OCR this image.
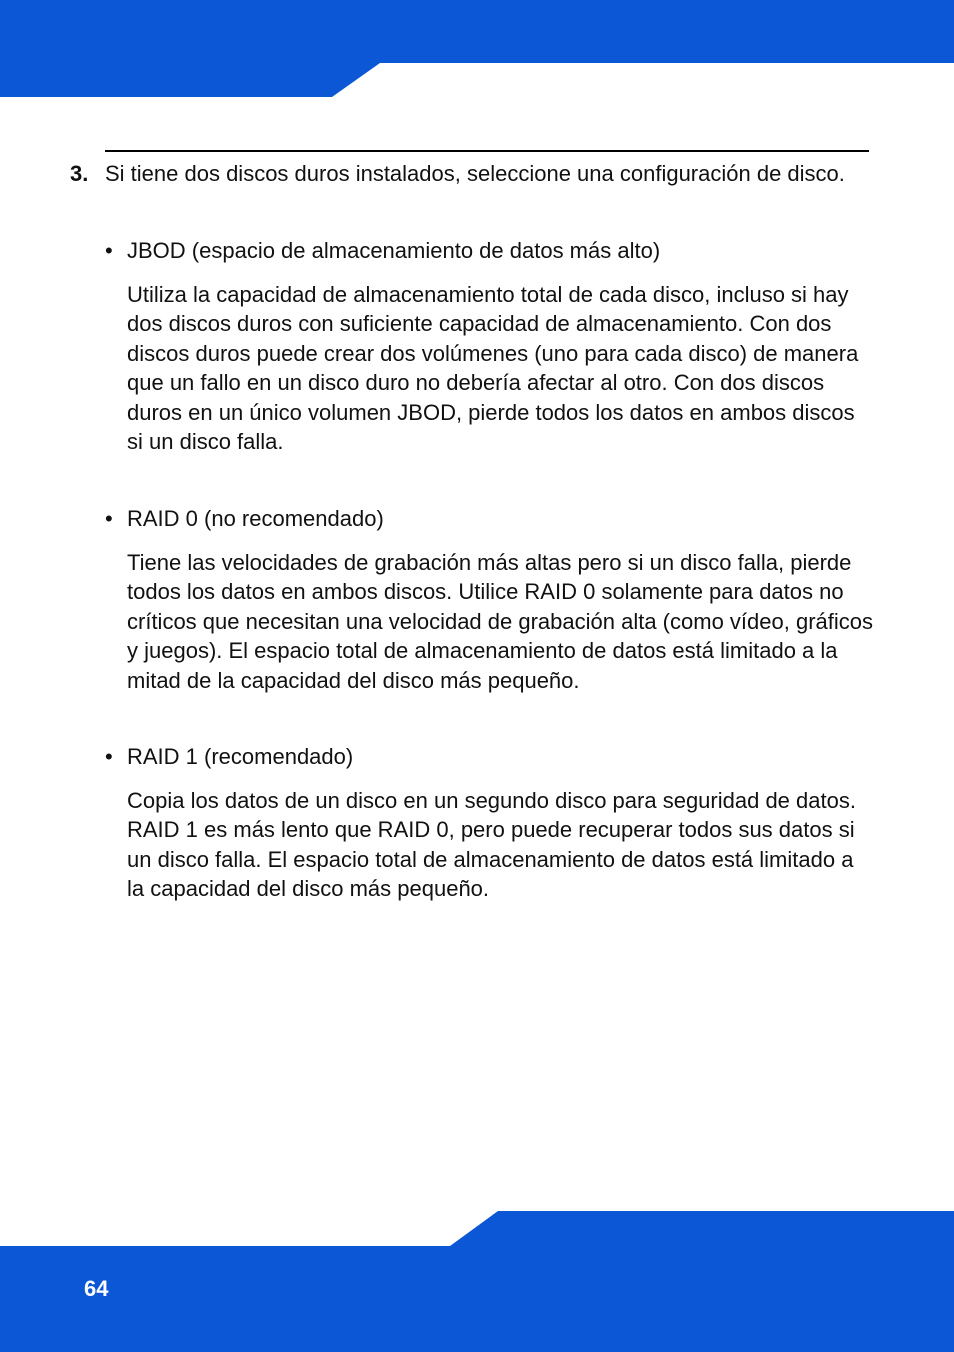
3. Si tiene dos discos duros instalados, seleccione una configuración de disco.
• JBOD (espacio de almacenamiento de datos más alto)
Utiliza la capacidad de almacenamiento total de cada disco, incluso si hay dos discos duros con suficiente capacidad de almacenamiento. Con dos discos duros puede crear dos volúmenes (uno para cada disco) de manera que un fallo en un disco duro no debería afectar al otro. Con dos discos duros en un único volumen JBOD, pierde todos los datos en ambos discos si un disco falla.
• RAID 0 (no recomendado)
Tiene las velocidades de grabación más altas pero si un disco falla, pierde todos los datos en ambos discos. Utilice RAID 0 solamente para datos no críticos que necesitan una velocidad de grabación alta (como vídeo, gráficos y juegos). El espacio total de almacenamiento de datos está limitado a la mitad de la capacidad del disco más pequeño.
• RAID 1 (recomendado)
Copia los datos de un disco en un segundo disco para seguridad de datos. RAID 1 es más lento que RAID 0, pero puede recuperar todos sus datos si un disco falla. El espacio total de almacenamiento de datos está limitado a la capacidad del disco más pequeño.
64
